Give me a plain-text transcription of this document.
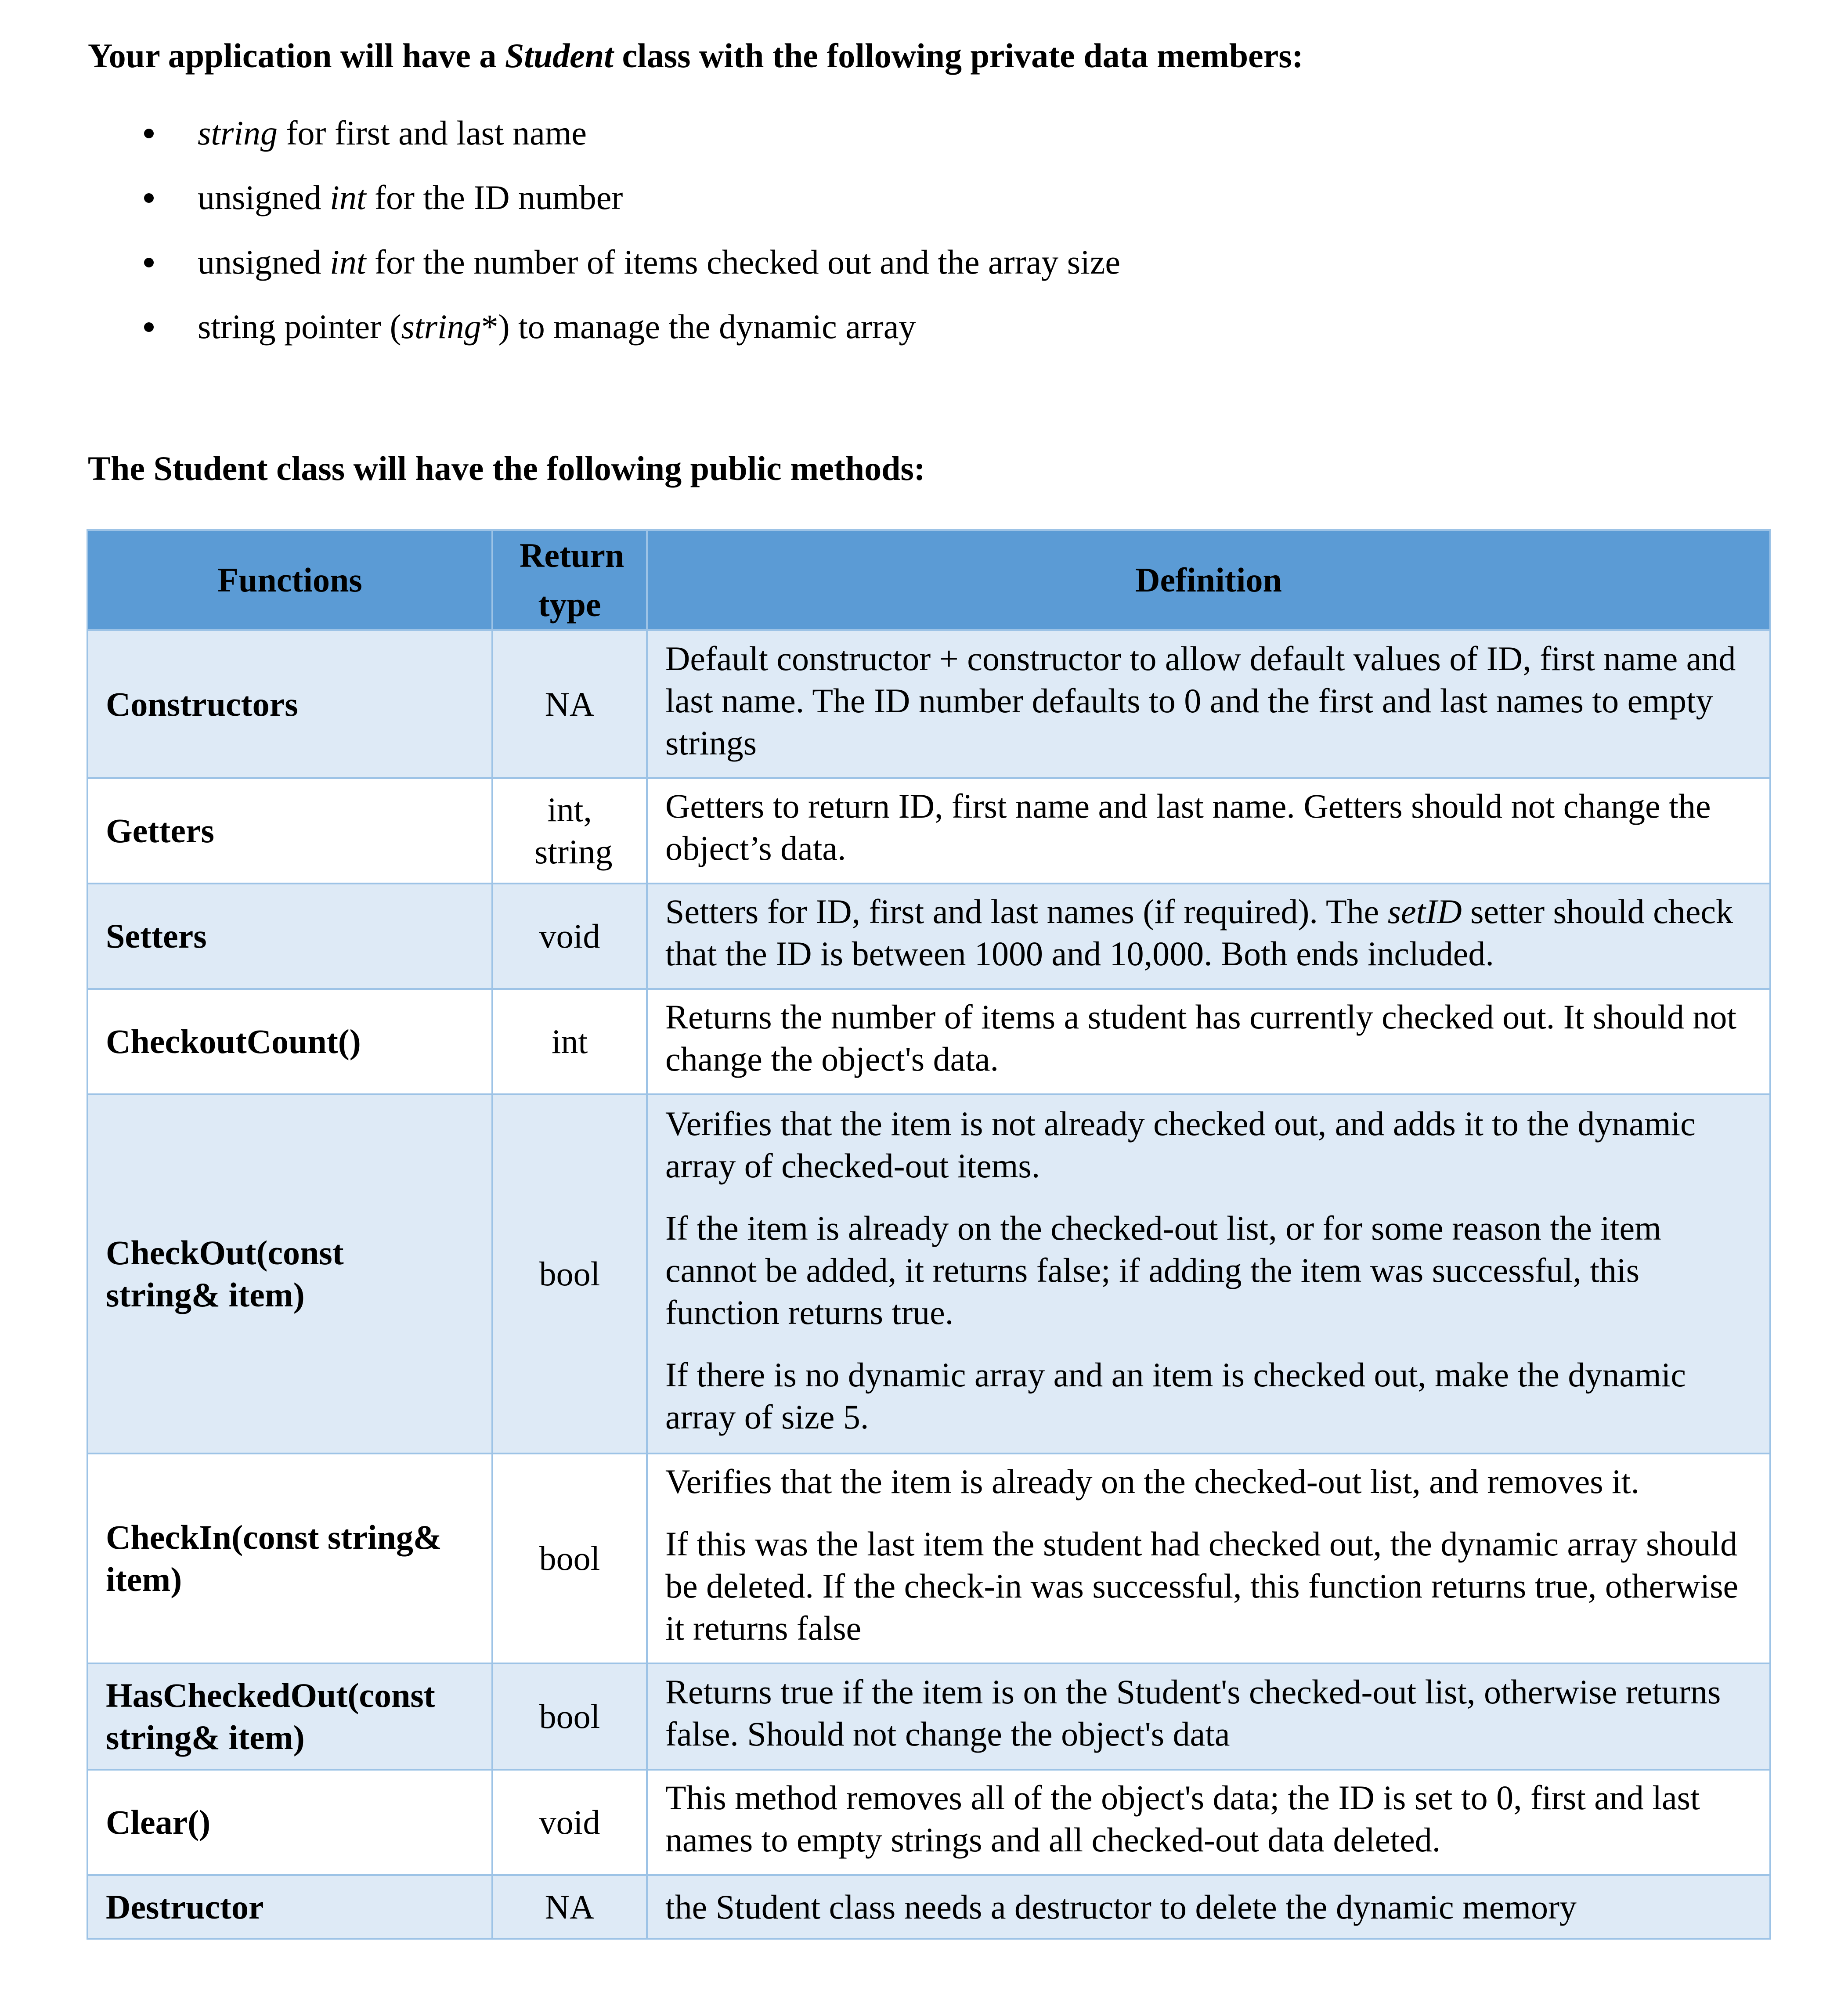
Your application will have a Student class with the following private data members:

string for first and last name
unsigned int for the ID number
unsigned int for the number of items checked out and the array size
string pointer (string*) to manage the dynamic array

The Student class will have the following public methods:

Functions	Return type	Definition
Constructors	NA	Default constructor + constructor to allow default values of ID, first name and last name. The ID number defaults to 0 and the first and last names to empty strings

Getters	int, string	Getters to return ID, first name and last name. Getters should not change the object’s data.

Setters	void	Setters for ID, first and last names (if required). The setID setter should check that the ID is between 1000 and 10,000. Both ends included.

CheckoutCount()	int	Returns the number of items a student has currently checked out. It should not change the object's data.

CheckOut(const string& item)	bool	Verifies that the item is not already checked out, and adds it to the dynamic array of checked-out items.

If the item is already on the checked-out list, or for some reason the item cannot be added, it returns false; if adding the item was successful, this function returns true.

If there is no dynamic array and an item is checked out, make the dynamic array of size 5.

CheckIn(const string& item)	bool	Verifies that the item is already on the checked-out list, and removes it.

If this was the last item the student had checked out, the dynamic array should be deleted. If the check-in was successful, this function returns true, otherwise it returns false

HasCheckedOut(const string& item)	bool	Returns true if the item is on the Student's checked-out list, otherwise returns false. Should not change the object's data

Clear()	void	This method removes all of the object's data; the ID is set to 0, first and last names to empty strings and all checked-out data deleted.

Destructor	NA	the Student class needs a destructor to delete the dynamic memory
